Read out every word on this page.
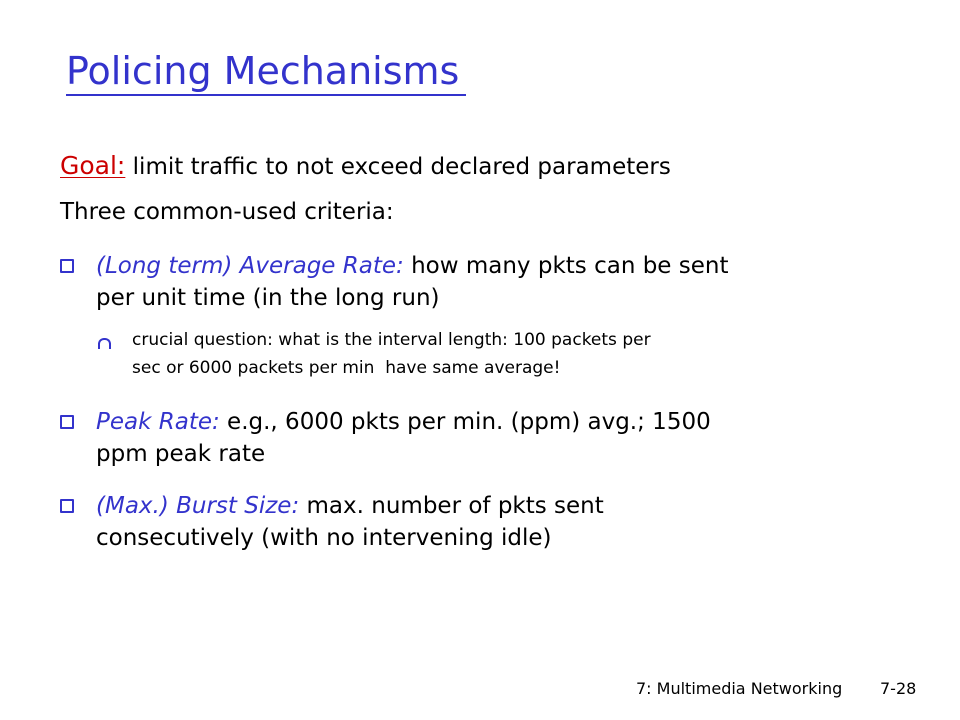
Policing Mechanisms
Goal: limit traffic to not exceed declared parameters
Three common-used criteria:
(Long term) Average Rate: how many pkts can be sent
per unit time (in the long run)
crucial question: what is the interval length: 100 packets per
sec or 6000 packets per min  have same average!
Peak Rate: e.g., 6000 pkts per min. (ppm) avg.; 1500
ppm peak rate
(Max.) Burst Size: max. number of pkts sent
consecutively (with no intervening idle)
7: Multimedia Networking 7-28
